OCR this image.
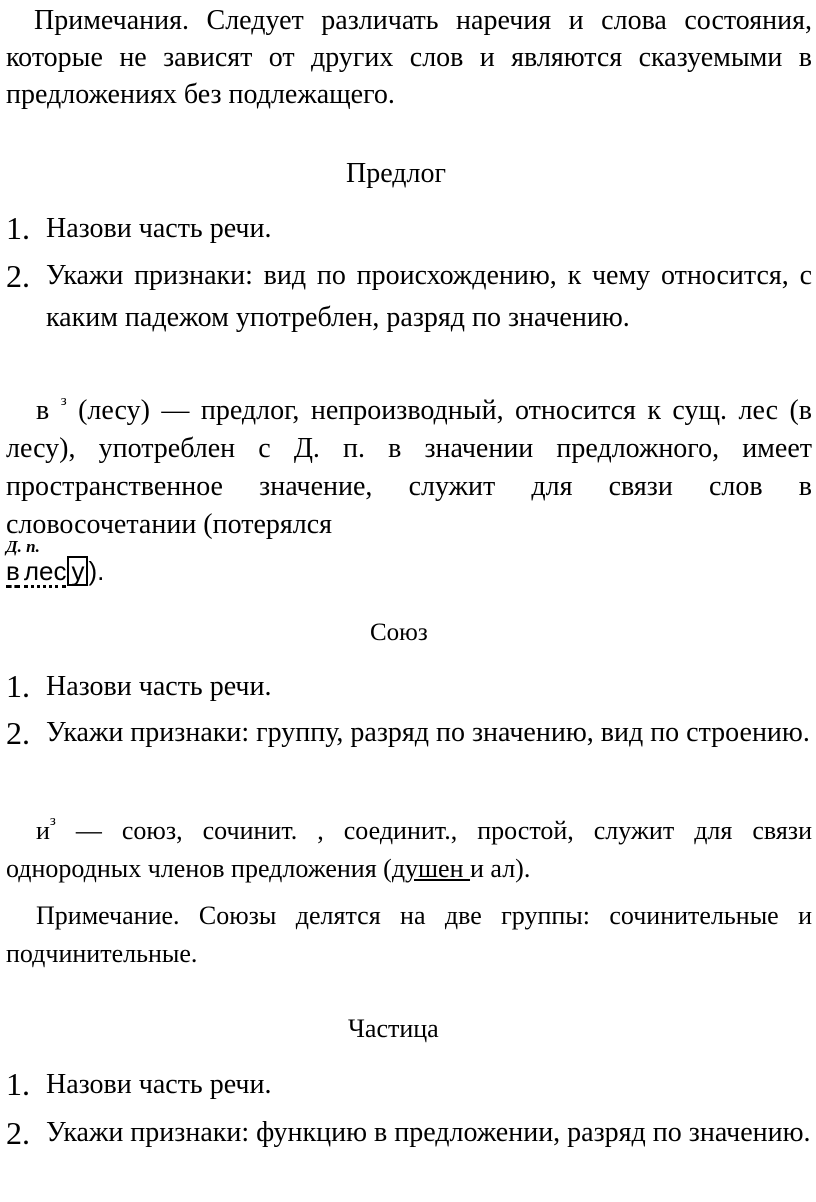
Примечания. Следует различать наречия и слова состояния, которые не зависят от других слов и являются сказуемыми в предложениях без подлежащего.

Предлог
1. Назови часть речи.
2. Укажи признаки: вид по происхождению, к чему относится, с каким падежом употреблен, разряд по значению.

в $^з$ (лесу) — предлог, непроизводный, относится к сущ. лес (в лесу), употреблен с Д. п. в значении предложного, имеет пространственное значение, служит для связи слов в словосочетании (потерялся

Д. п.
в лес у ).
Союз
1. Назови часть речи.
2. Укажи признаки: группу, разряд по значению, вид по строению.

$и^з$ — союз, сочинит. , соединит., простой, служит для связи однородных членов предложения (душен и ал).

Примечание. Союзы делятся на две группы: сочинительные и подчинительные.

Частица
1. Назови часть речи.
2. Укажи признаки: функцию в предложении, разряд по значению.
